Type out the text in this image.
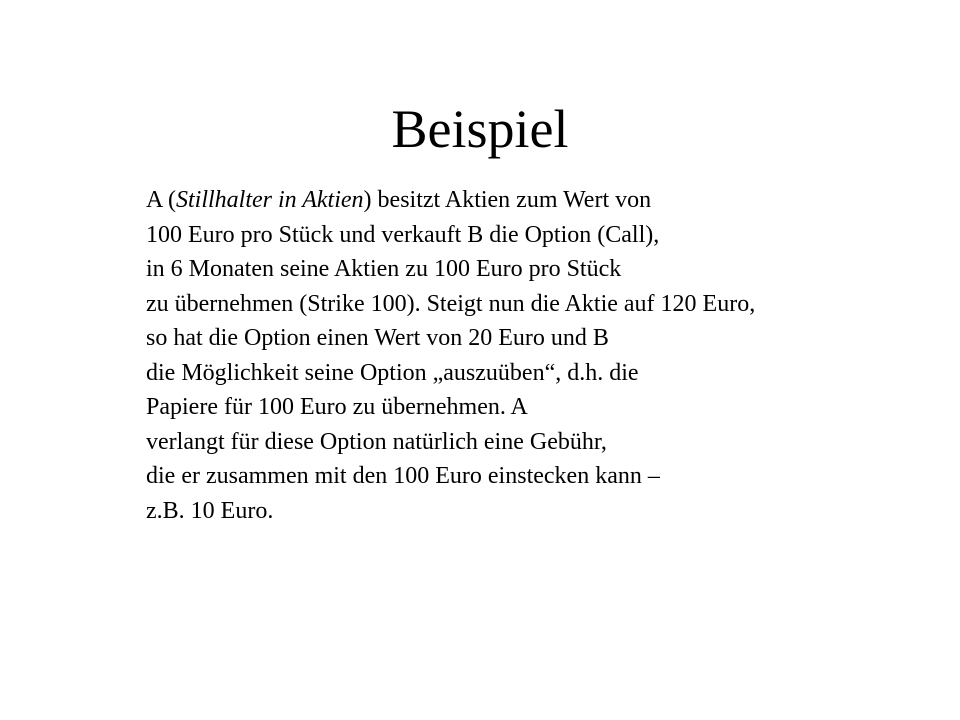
Beispiel
A (Stillhalter in Aktien) besitzt Aktien zum Wert von
100 Euro pro Stück und verkauft B die Option (Call),
in 6 Monaten seine Aktien zu 100 Euro pro Stück
zu übernehmen (Strike 100). Steigt nun die Aktie auf 120 Euro,
so hat die Option einen Wert von 20 Euro und B
die Möglichkeit seine Option „auszuüben“, d.h. die
Papiere für 100 Euro zu übernehmen. A
verlangt für diese Option natürlich eine Gebühr,
die er zusammen mit den 100 Euro einstecken kann –
z.B. 10 Euro.
